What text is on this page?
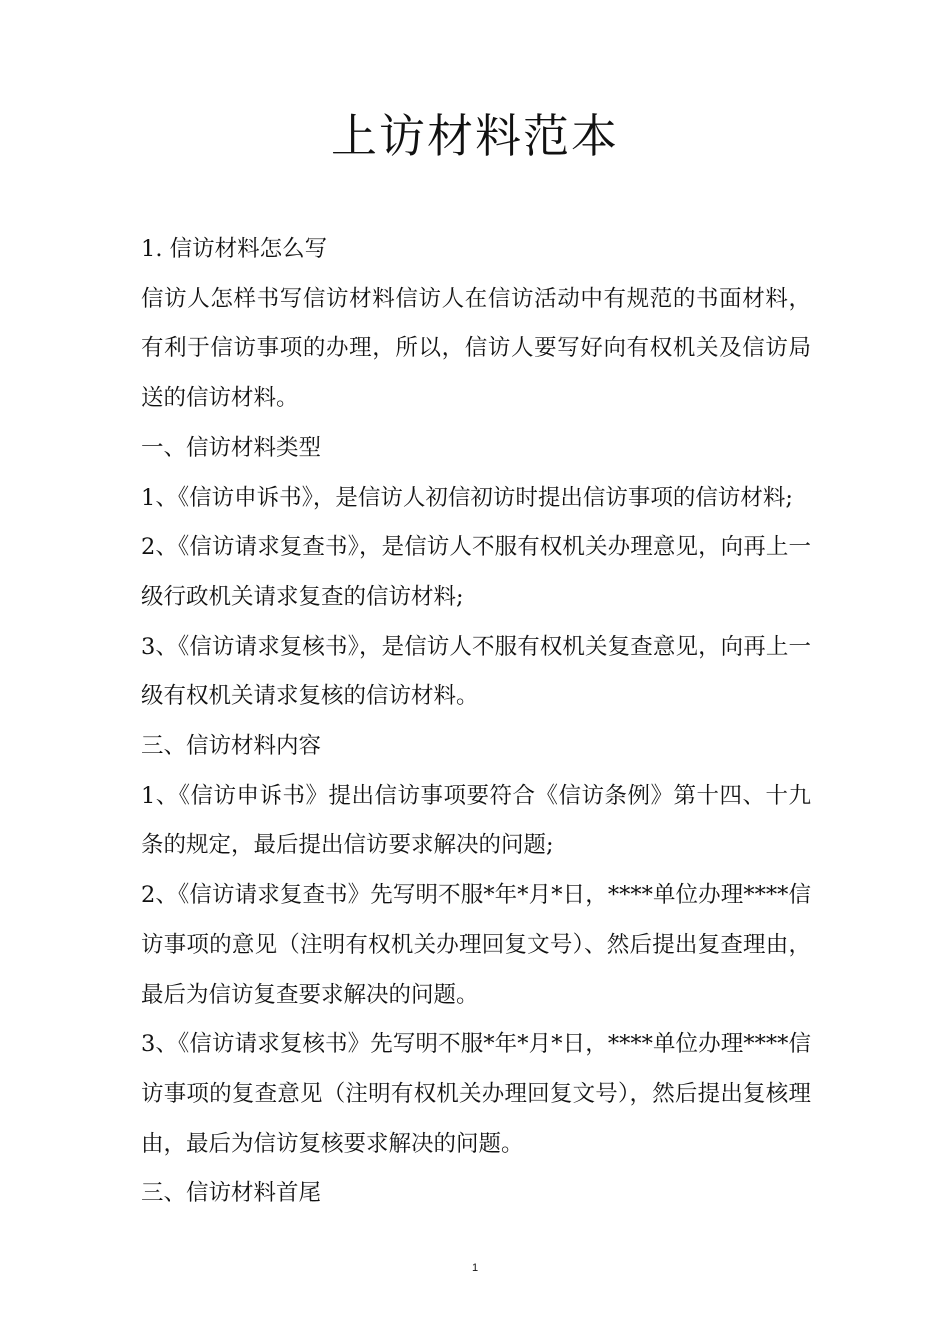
上访材料范本

1. 信访材料怎么写

信访人怎样书写信访材料信访人在信访活动中有规范的书面材料，有利于信访事项的办理，所以，信访人要写好向有权机关及信访局送的信访材料。

一、信访材料类型

1、《信访申诉书》，是信访人初信初访时提出信访事项的信访材料;

2、《信访请求复查书》，是信访人不服有权机关办理意见，向再上一级行政机关请求复查的信访材料;

3、《信访请求复核书》，是信访人不服有权机关复查意见，向再上一级有权机关请求复核的信访材料。

三、信访材料内容

1、《信访申诉书》提出信访事项要符合《信访条例》第十四、十九条的规定，最后提出信访要求解决的问题;

2、《信访请求复查书》先写明不服*年*月*日，****单位办理****信访事项的意见（注明有权机关办理回复文号）、然后提出复查理由，最后为信访复查要求解决的问题。

3、《信访请求复核书》先写明不服*年*月*日，****单位办理****信访事项的复查意见（注明有权机关办理回复文号），然后提出复核理由，最后为信访复核要求解决的问题。

三、信访材料首尾

1
